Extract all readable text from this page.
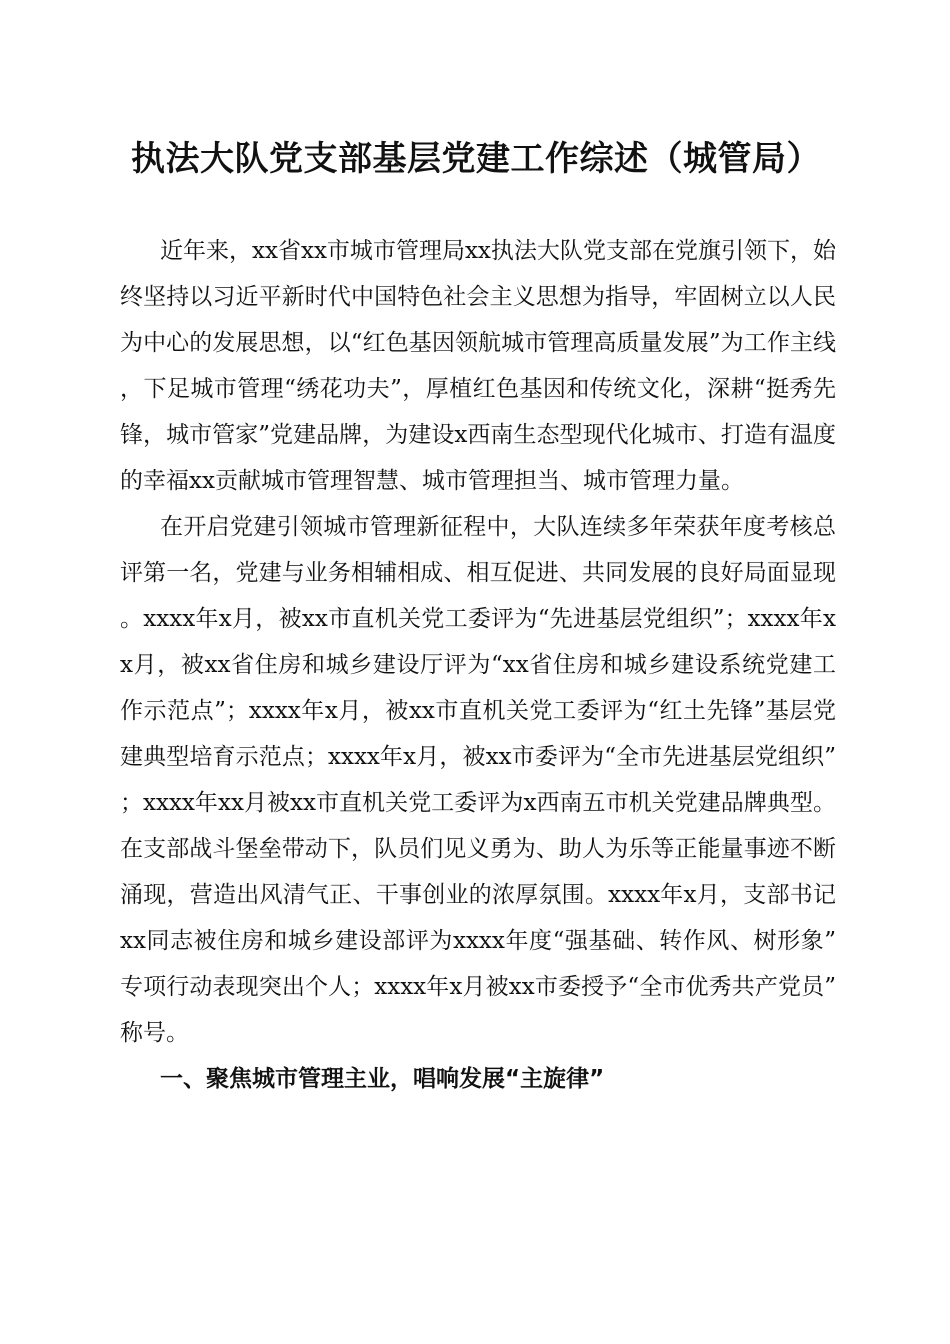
执法大队党支部基层党建工作综述（城管局）

近年来，xx省xx市城市管理局xx执法大队党支部在党旗引领下，始终坚持以习近平新时代中国特色社会主义思想为指导，牢固树立以人民为中心的发展思想，以“红色基因领航城市管理高质量发展”为工作主线，下足城市管理“绣花功夫”，厚植红色基因和传统文化，深耕“挺秀先锋，城市管家”党建品牌，为建设x西南生态型现代化城市、打造有温度的幸福xx贡献城市管理智慧、城市管理担当、城市管理力量。

在开启党建引领城市管理新征程中，大队连续多年荣获年度考核总评第一名，党建与业务相辅相成、相互促进、共同发展的良好局面显现。xxxx年x月，被xx市直机关党工委评为“先进基层党组织”；xxxx年xx月，被xx省住房和城乡建设厅评为“xx省住房和城乡建设系统党建工作示范点”；xxxx年x月，被xx市直机关党工委评为“红土先锋”基层党建典型培育示范点；xxxx年x月，被xx市委评为“全市先进基层党组织”；xxxx年xx月被xx市直机关党工委评为x西南五市机关党建品牌典型。在支部战斗堡垒带动下，队员们见义勇为、助人为乐等正能量事迹不断涌现，营造出风清气正、干事创业的浓厚氛围。xxxx年x月，支部书记xx同志被住房和城乡建设部评为xxxx年度“强基础、转作风、树形象”专项行动表现突出个人；xxxx年x月被xx市委授予“全市优秀共产党员”称号。

一、聚焦城市管理主业，唱响发展“主旋律”
